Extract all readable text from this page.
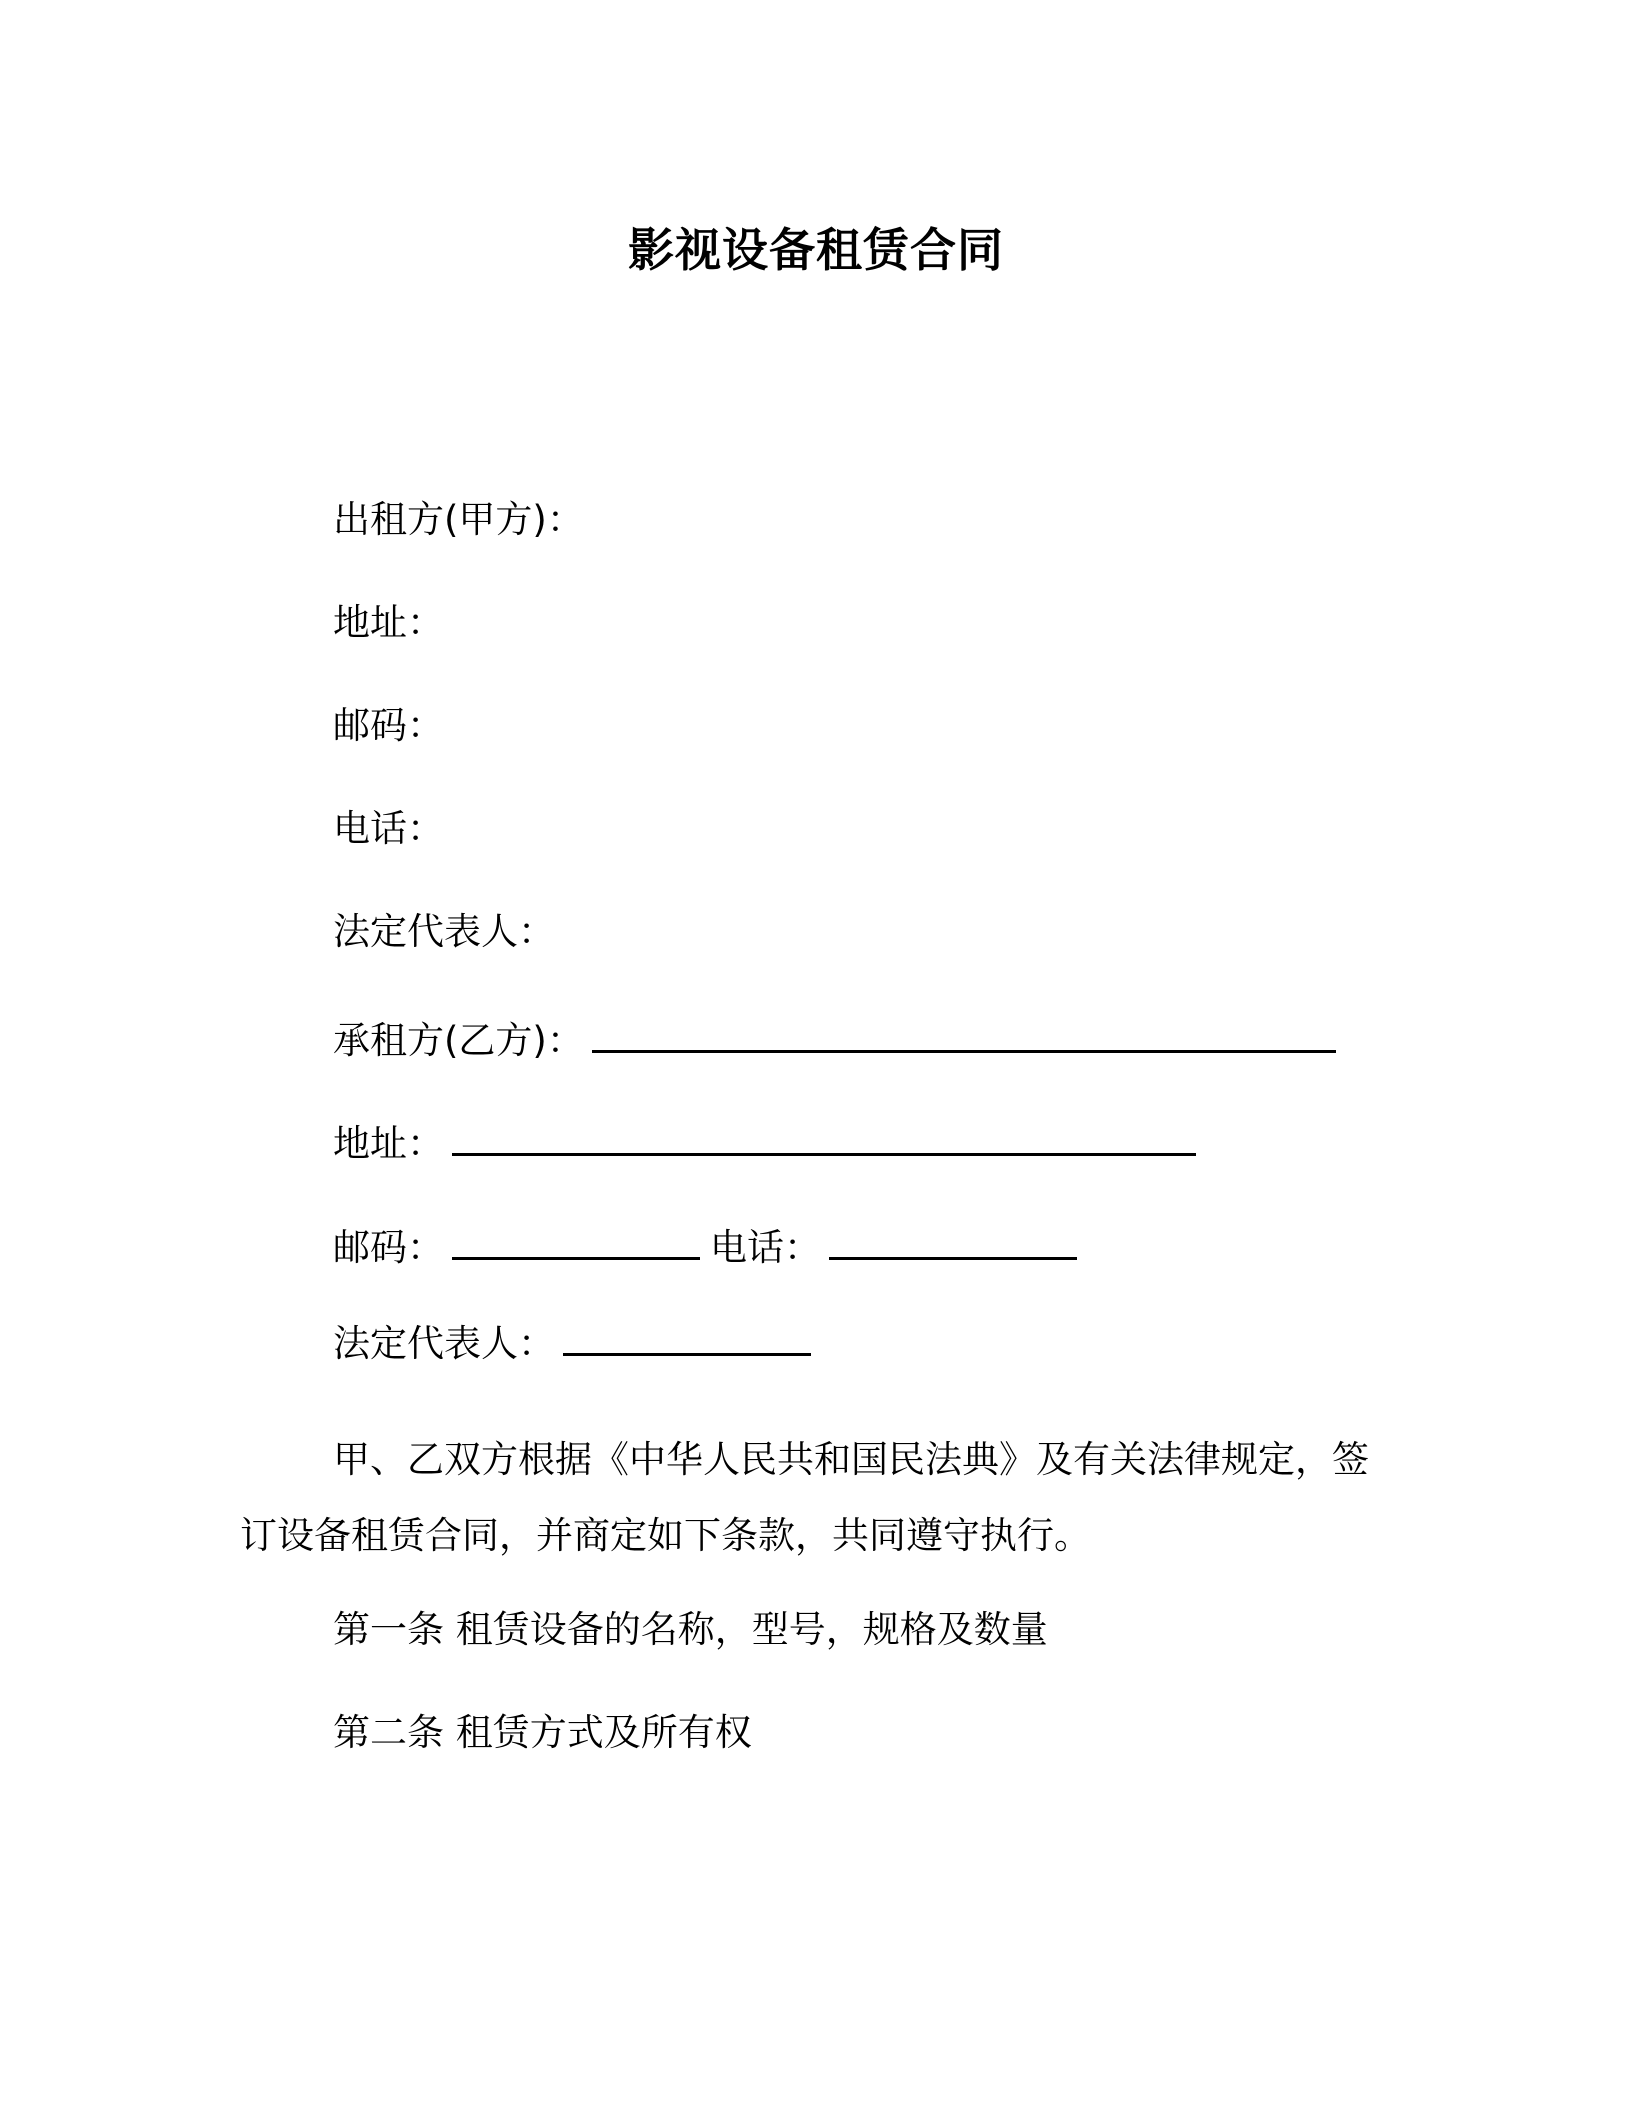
影视设备租赁合同
出租方(甲方)：
地址：
邮码：
电话：
法定代表人：
承租方(乙方)：
地址：
邮码：	电话：
法定代表人：
甲、乙双方根据《中华人民共和国民法典》及有关法律规定，签订设备租赁合同，并商定如下条款，共同遵守执行。
第一条 租赁设备的名称，型号，规格及数量
第二条 租赁方式及所有权
